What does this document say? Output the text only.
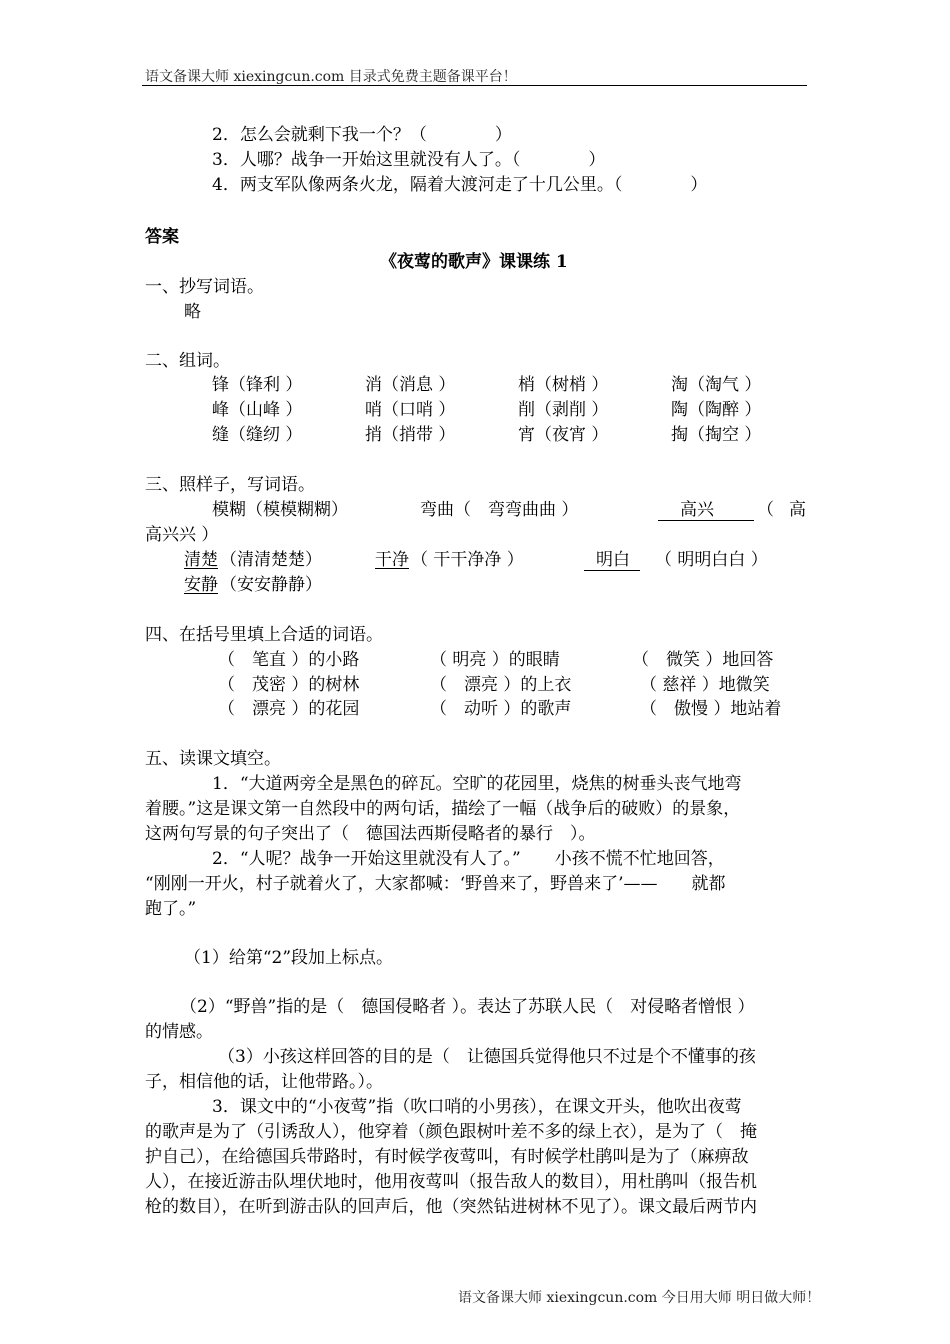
语文备课大师 xiexingcun.com 目录式免费主题备课平台！
2．怎么会就剩下我一个？（　　　　）
3．人哪？战争一开始这里就没有人了。（　　　　）
4．两支军队像两条火龙，隔着大渡河走了十几公里。（　　　　）
答案
《夜莺的歌声》课课练 1
一、抄写词语。
略
二、组词。
锋（锋利 ）	消（消息 ）	梢（树梢 ）	淘（淘气 ）
峰（山峰 ）	哨（口哨 ）	削（剥削 ）	陶（陶醉 ）
缝（缝纫 ）	捎（捎带 ）	宵（夜宵 ）	掏（掏空 ）
三、照样子，写词语。
模糊（模模糊糊）	弯曲（　弯弯曲曲 ）	高兴	（ 高
高兴兴 ）
清楚 （清清楚楚）	干净 （ 干干净净 ）	明白 （ 明明白白 ）
安静 （安安静静）
四、在括号里填上合适的词语。
（　笔直 ）的小路	（ 明亮 ）的眼睛	（　微笑 ）地回答
（　茂密 ）的树林	（　漂亮 ）的上衣	（ 慈祥 ）地微笑
（　漂亮 ）的花园	（　动听 ）的歌声	（　傲慢 ）地站着
五、读课文填空。
1．“大道两旁全是黑色的碎瓦。空旷的花园里，烧焦的树垂头丧气地弯
着腰。”这是课文第一自然段中的两句话，描绘了一幅（战争后的破败）的景象，
这两句写景的句子突出了（　德国法西斯侵略者的暴行　）。
2．“人呢？战争一开始这里就没有人了。”　　小孩不慌不忙地回答，
“刚刚一开火，村子就着火了，大家都喊：‘野兽来了，野兽来了’——　　就都
跑了。”
（1）给第“2”段加上标点。
（2）“野兽”指的是（　德国侵略者 ）。表达了苏联人民（　对侵略者憎恨 ）
的情感。
（3）小孩这样回答的目的是（　让德国兵觉得他只不过是个不懂事的孩
子，相信他的话，让他带路。）。
3．课文中的“小夜莺”指（吹口哨的小男孩），在课文开头，他吹出夜莺
的歌声是为了（引诱敌人），他穿着（颜色跟树叶差不多的绿上衣），是为了（　掩
护自己），在给德国兵带路时，有时候学夜莺叫，有时候学杜鹃叫是为了（麻痹敌
人），在接近游击队埋伏地时，他用夜莺叫（报告敌人的数目），用杜鹃叫（报告机
枪的数目），在听到游击队的回声后，他（突然钻进树林不见了）。课文最后两节内
语文备课大师 xiexingcun.com 今日用大师 明日做大师！
